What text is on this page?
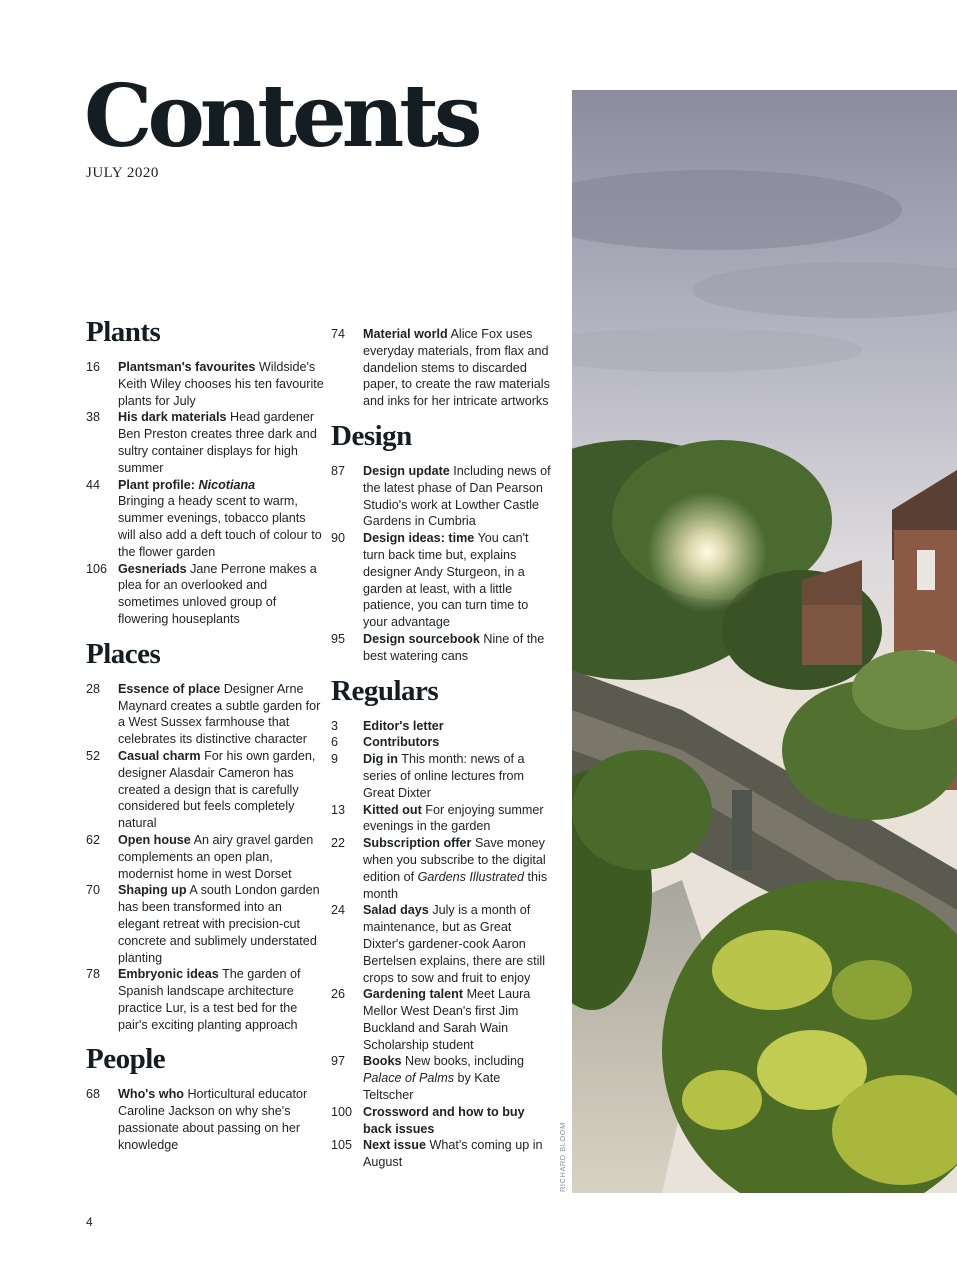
Contents
JULY 2020
Plants
16	Plantsman's favourites Wildside's Keith Wiley chooses his ten favourite plants for July
38	His dark materials Head gardener Ben Preston creates three dark and sultry container displays for high summer
44	Plant profile: Nicotiana
Bringing a heady scent to warm, summer evenings, tobacco plants will also add a deft touch of colour to the flower garden
106 Gesneriads Jane Perrone makes a plea for an overlooked and sometimes unloved group of flowering houseplants
Places
28	Essence of place Designer Arne Maynard creates a subtle garden for a West Sussex farmhouse that celebrates its distinctive character
52	Casual charm For his own garden, designer Alasdair Cameron has created a design that is carefully considered but feels completely natural
62	Open house An airy gravel garden complements an open plan, modernist home in west Dorset
70	Shaping up A south London garden has been transformed into an elegant retreat with precision-cut concrete and sublimely understated planting
78	Embryonic ideas The garden of Spanish landscape architecture practice Lur, is a test bed for the pair's exciting planting approach
People
68	Who's who Horticultural educator Caroline Jackson on why she's passionate about passing on her knowledge
74	Material world Alice Fox uses everyday materials, from flax and dandelion stems to discarded paper, to create the raw materials and inks for her intricate artworks
Design
87	Design update Including news of the latest phase of Dan Pearson Studio's work at Lowther Castle Gardens in Cumbria
90	Design ideas: time You can't turn back time but, explains designer Andy Sturgeon, in a garden at least, with a little patience, you can turn time to your advantage
95	Design sourcebook Nine of the best watering cans
Regulars
3	Editor's letter
6	Contributors
9	Dig in This month: news of a series of online lectures from Great Dixter
13	Kitted out For enjoying summer evenings in the garden
22	Subscription offer Save money when you subscribe to the digital edition of Gardens Illustrated this month
24	Salad days July is a month of maintenance, but as Great Dixter's gardener-cook Aaron Bertelsen explains, there are still crops to sow and fruit to enjoy
26	Gardening talent Meet Laura Mellor West Dean's first Jim Buckland and Sarah Wain Scholarship student
97	Books New books, including Palace of Palms by Kate Teltscher
100 Crossword and how to buy back issues
105 Next issue What's coming up in August	RICHARD BLOOM
4
